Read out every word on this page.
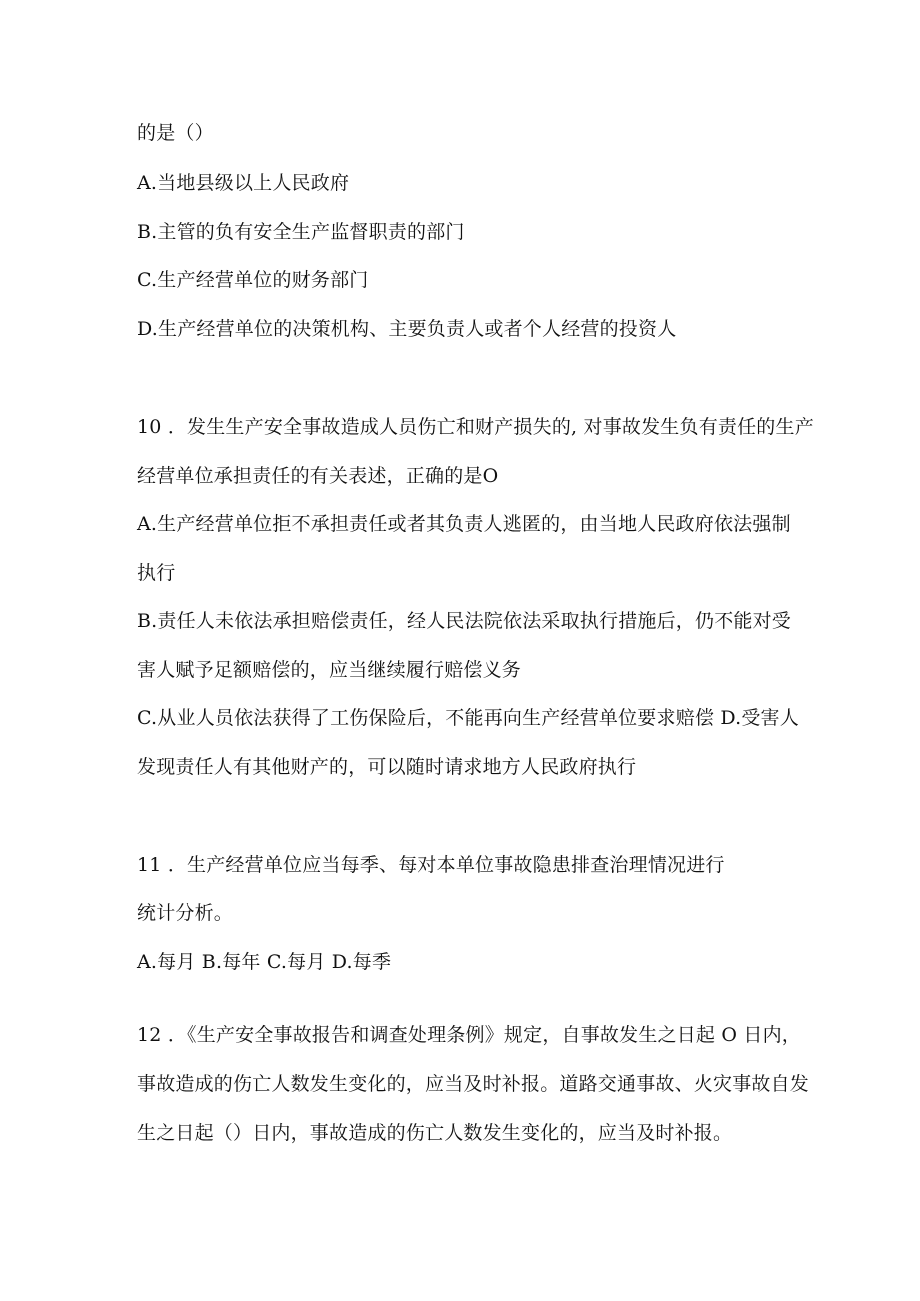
的是（）
A.当地县级以上人民政府
B.主管的负有安全生产监督职责的部门
C.生产经营单位的财务部门
D.生产经营单位的决策机构、主要负责人或者个人经营的投资人
10 ．发生生产安全事故造成人员伤亡和财产损失的, 对事故发生负有责任的生产
经营单位承担责任的有关表述，正确的是O
A.生产经营单位拒不承担责任或者其负责人逃匿的，由当地人民政府依法强制
执行
B.责任人未依法承担赔偿责任，经人民法院依法采取执行措施后，仍不能对受
害人赋予足额赔偿的，应当继续履行赔偿义务
C.从业人员依法获得了工伤保险后，不能再向生产经营单位要求赔偿 D.受害人
发现责任人有其他财产的，可以随时请求地方人民政府执行
11 ．生产经营单位应当每季、每对本单位事故隐患排查治理情况进行
统计分析。
A.每月 B.每年 C.每月 D.每季
12 ．《生产安全事故报告和调查处理条例》规定，自事故发生之日起 O 日内，
事故造成的伤亡人数发生变化的，应当及时补报。道路交通事故、火灾事故自发
生之日起（）日内，事故造成的伤亡人数发生变化的，应当及时补报。
